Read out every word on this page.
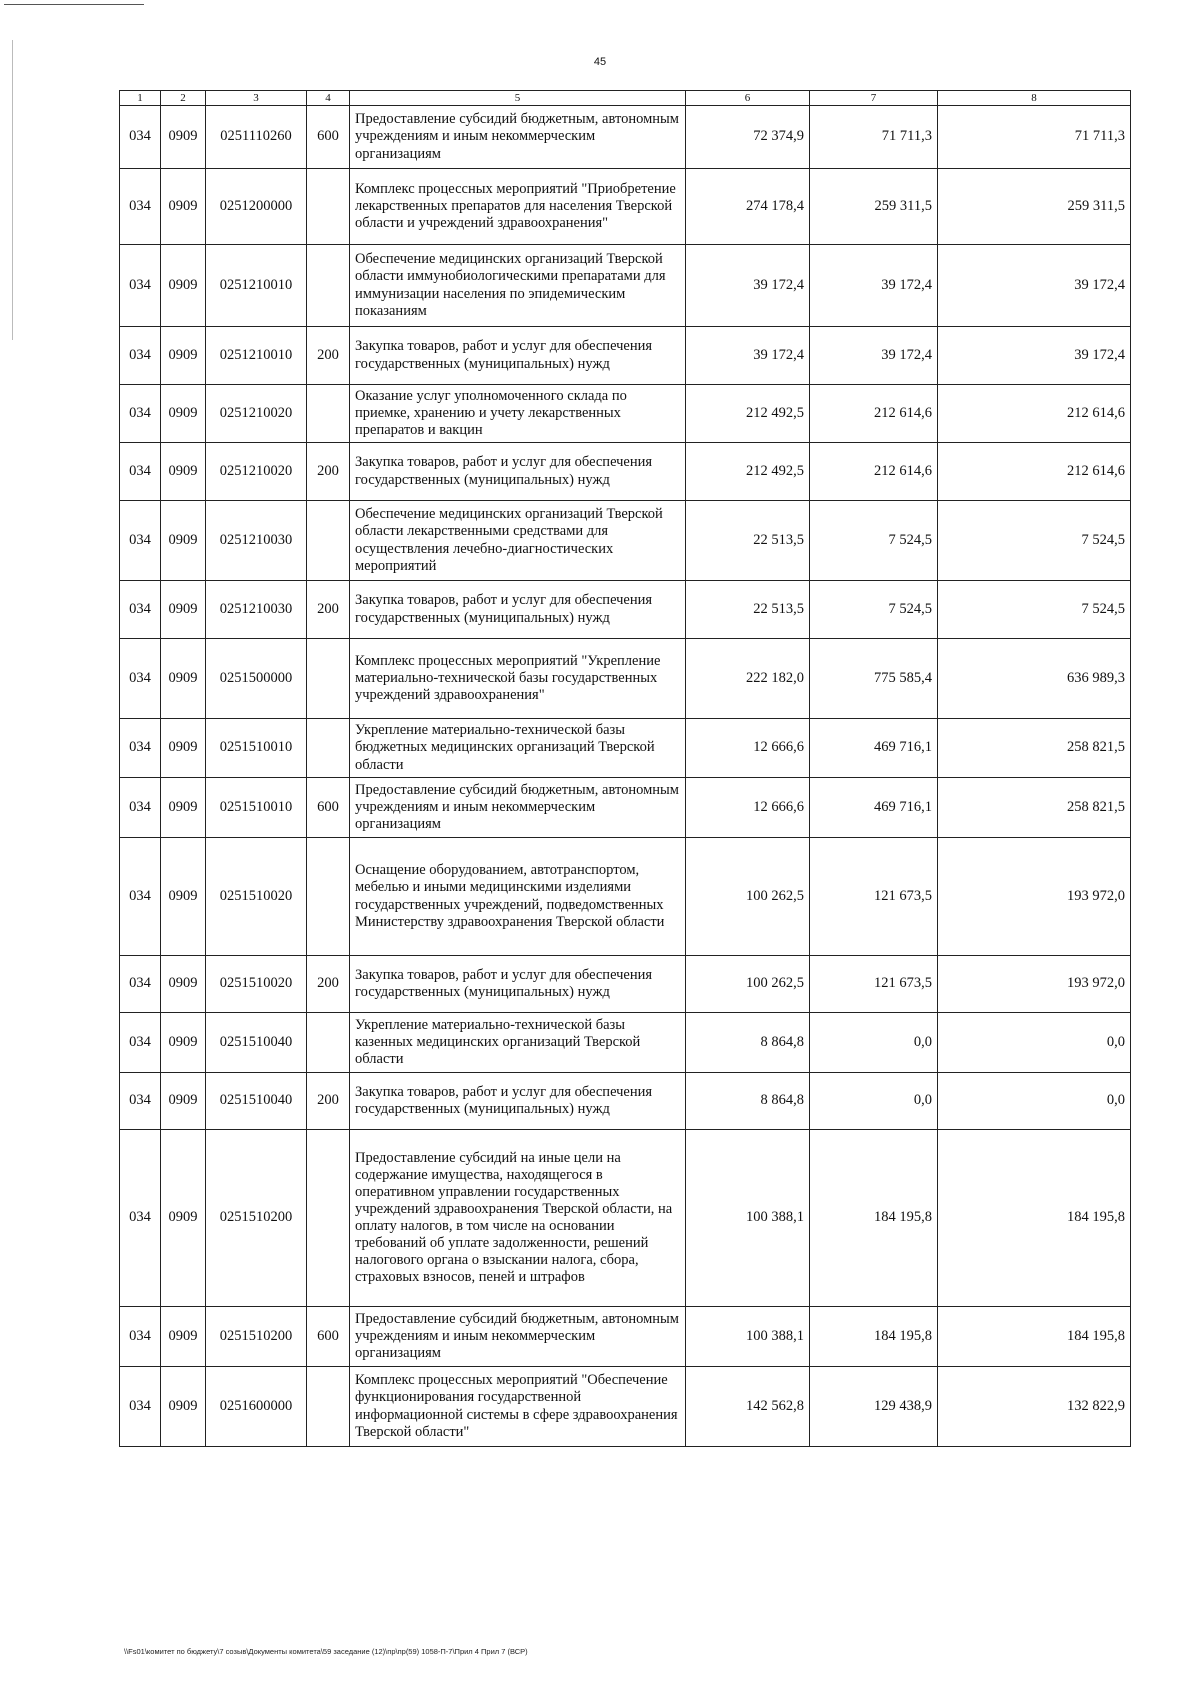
45
1	2	3	4	5	6	7	8
034	0909	0251110260	600	Предоставление субсидий бюджетным, автономным учреждениям и иным некоммерческим организациям	72 374,9	71 711,3	71 711,3
034	0909	0251200000		Комплекс процессных мероприятий "Приобретение лекарственных препаратов для населения Тверской области и учреждений здравоохранения"	274 178,4	259 311,5	259 311,5
034	0909	0251210010		Обеспечение медицинских организаций Тверской области иммунобиологическими препаратами для иммунизации населения по эпидемическим показаниям	39 172,4	39 172,4	39 172,4
034	0909	0251210010	200	Закупка товаров, работ и услуг для обеспечения государственных (муниципальных) нужд	39 172,4	39 172,4	39 172,4
034	0909	0251210020		Оказание услуг уполномоченного склада по приемке, хранению и учету лекарственных препаратов и вакцин	212 492,5	212 614,6	212 614,6
034	0909	0251210020	200	Закупка товаров, работ и услуг для обеспечения государственных (муниципальных) нужд	212 492,5	212 614,6	212 614,6
034	0909	0251210030		Обеспечение медицинских организаций Тверской области лекарственными средствами для осуществления лечебно-диагностических мероприятий	22 513,5	7 524,5	7 524,5
034	0909	0251210030	200	Закупка товаров, работ и услуг для обеспечения государственных (муниципальных) нужд	22 513,5	7 524,5	7 524,5
034	0909	0251500000		Комплекс процессных мероприятий "Укрепление материально-технической базы государственных учреждений здравоохранения"	222 182,0	775 585,4	636 989,3
034	0909	0251510010		Укрепление материально-технической базы бюджетных медицинских организаций Тверской области	12 666,6	469 716,1	258 821,5
034	0909	0251510010	600	Предоставление субсидий бюджетным, автономным учреждениям и иным некоммерческим организациям	12 666,6	469 716,1	258 821,5
034	0909	0251510020		Оснащение оборудованием, автотранспортом, мебелью и иными медицинскими изделиями государственных учреждений, подведомственных Министерству здравоохранения Тверской области	100 262,5	121 673,5	193 972,0
034	0909	0251510020	200	Закупка товаров, работ и услуг для обеспечения государственных (муниципальных) нужд	100 262,5	121 673,5	193 972,0
034	0909	0251510040		Укрепление материально-технической базы казенных медицинских организаций Тверской области	8 864,8	0,0	0,0
034	0909	0251510040	200	Закупка товаров, работ и услуг для обеспечения государственных (муниципальных) нужд	8 864,8	0,0	0,0
034	0909	0251510200		Предоставление субсидий на иные цели на содержание имущества, находящегося в оперативном управлении государственных учреждений здравоохранения Тверской области, на оплату налогов, в том числе на основании требований об уплате задолженности, решений налогового органа о взыскании налога, сбора, страховых взносов, пеней и штрафов	100 388,1	184 195,8	184 195,8
034	0909	0251510200	600	Предоставление субсидий бюджетным, автономным учреждениям и иным некоммерческим организациям	100 388,1	184 195,8	184 195,8
034	0909	0251600000		Комплекс процессных мероприятий "Обеспечение функционирования государственной информационной системы в сфере здравоохранения Тверской области"	142 562,8	129 438,9	132 822,9
\\Fs01\комитет по бюджету\7 созыв\Документы комитета\59 заседание (12)\пр\пр(59) 1058-П-7\Прил 4 Прил 7 (ВСР)
